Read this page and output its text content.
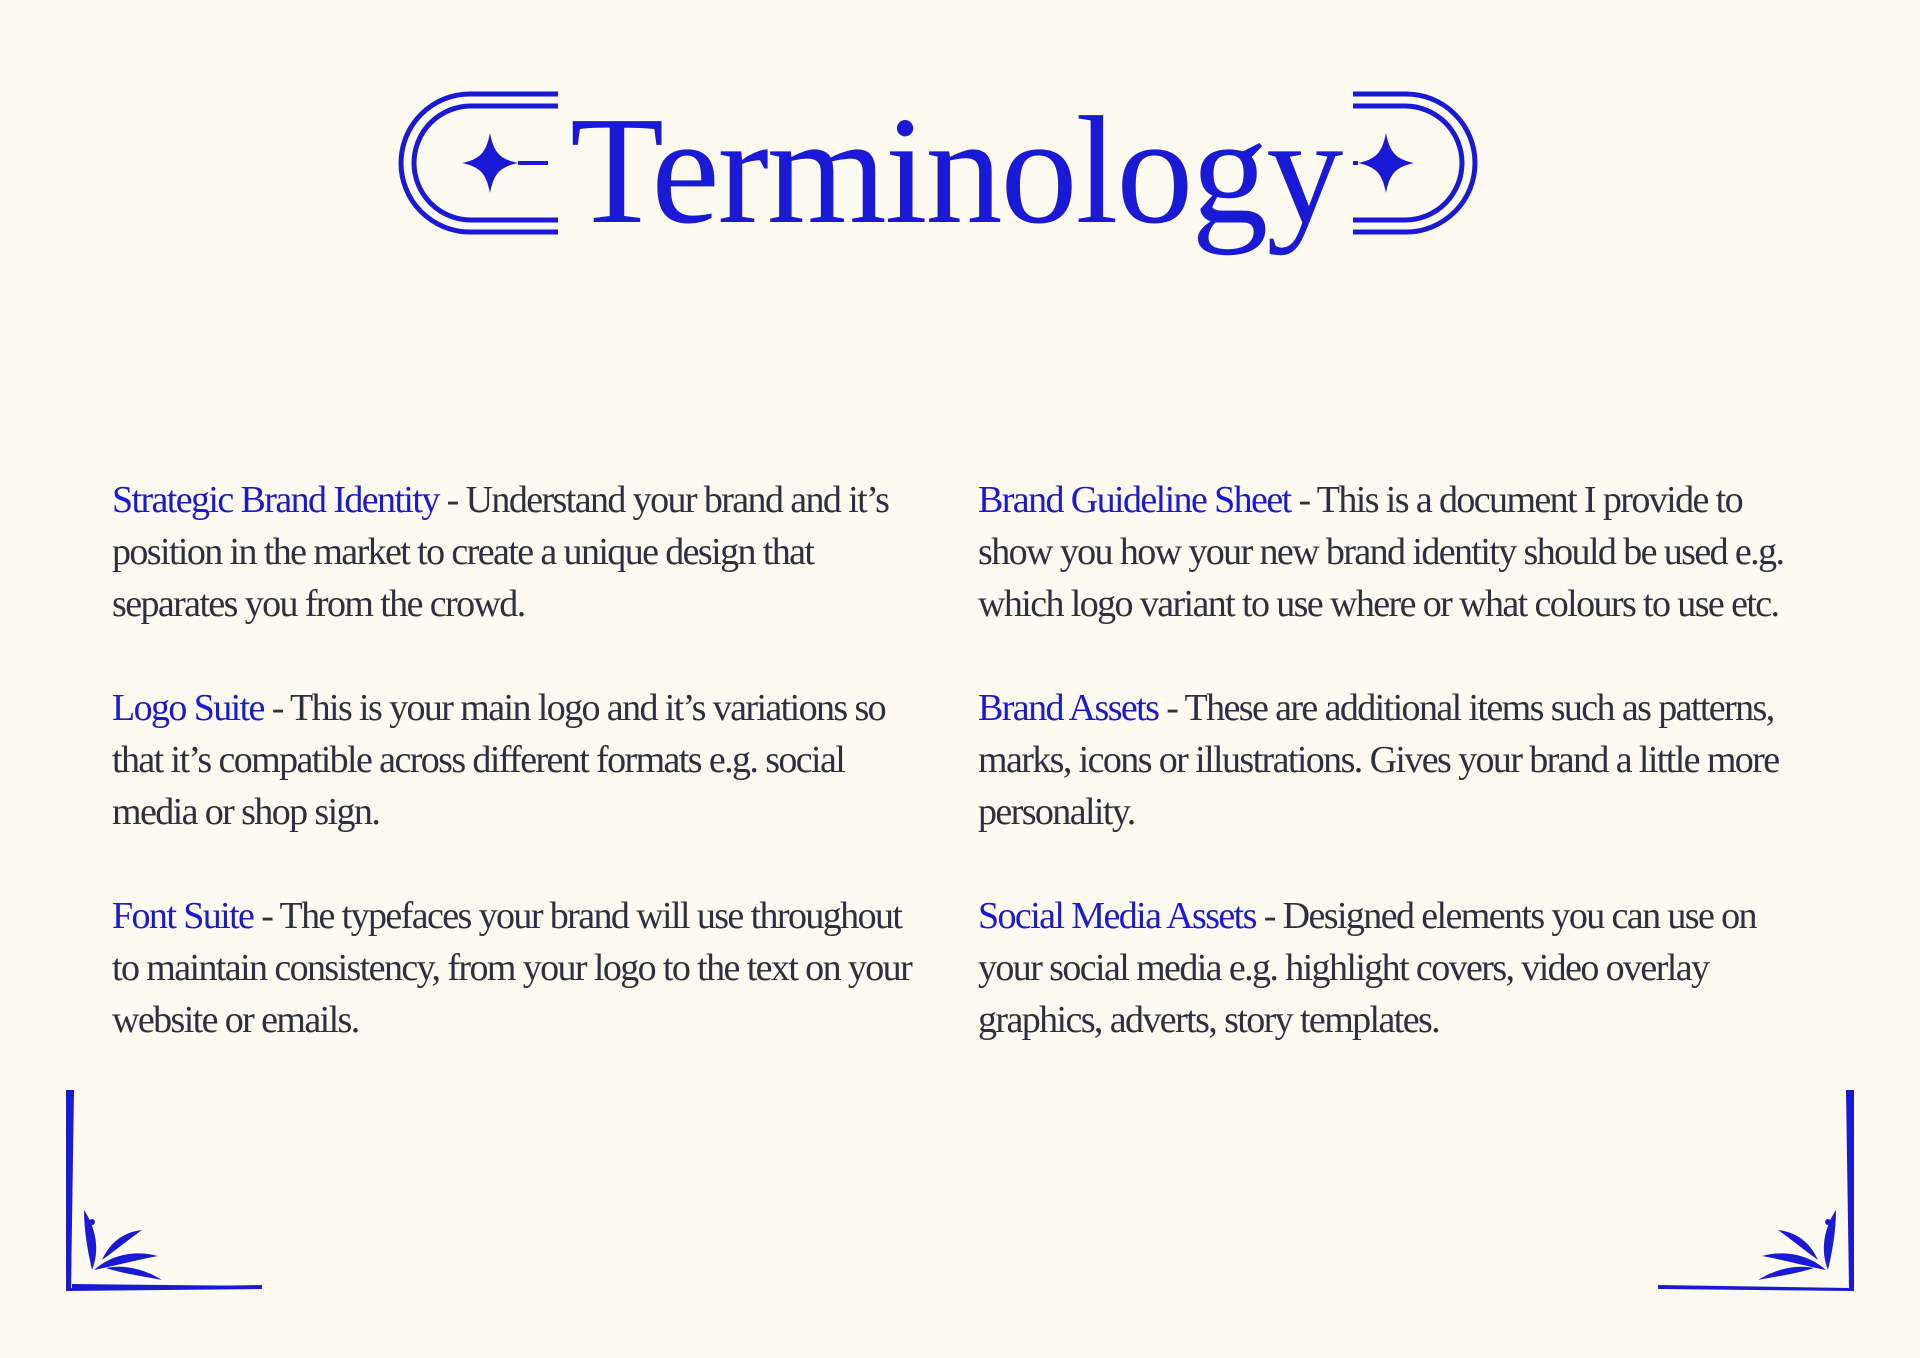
Terminology

Strategic Brand Identity - Understand your brand and it’s position in the market to create a unique design that separates you from the crowd.

Logo Suite - This is your main logo and it’s variations so that it’s compatible across different formats e.g. social media or shop sign.

Font Suite - The typefaces your brand will use throughout to maintain consistency, from your logo to the text on your website or emails.

Brand Guideline Sheet - This is a document I provide to show you how your new brand identity should be used e.g. which logo variant to use where or what colours to use etc.

Brand Assets - These are additional items such as patterns, marks, icons or illustrations. Gives your brand a little more personality.

Social Media Assets - Designed elements you can use on your social media e.g. highlight covers, video overlay graphics, adverts, story templates.
